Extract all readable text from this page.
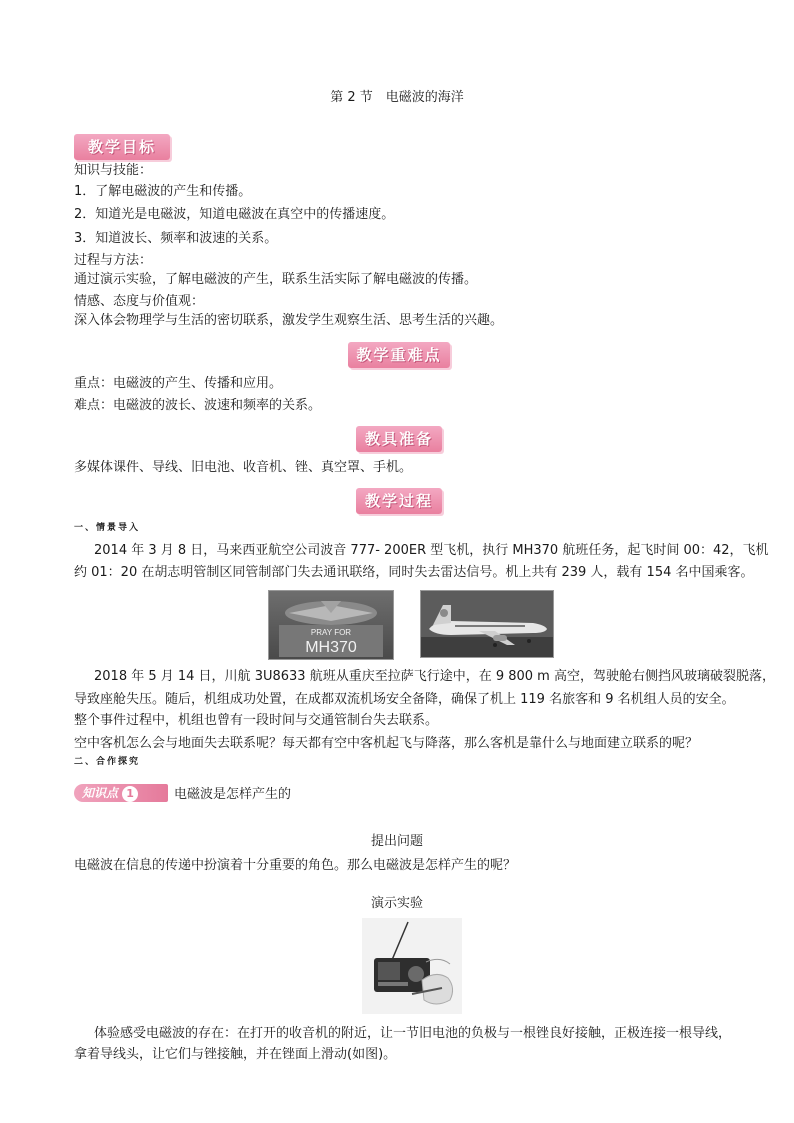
第 2 节　电磁波的海洋
教学目标
知识与技能：
1．了解电磁波的产生和传播。
2．知道光是电磁波，知道电磁波在真空中的传播速度。
3．知道波长、频率和波速的关系。
过程与方法：
通过演示实验，了解电磁波的产生，联系生活实际了解电磁波的传播。
情感、态度与价值观：
深入体会物理学与生活的密切联系，激发学生观察生活、思考生活的兴趣。
教学重难点
重点：电磁波的产生、传播和应用。
难点：电磁波的波长、波速和频率的关系。
教具准备
多媒体课件、导线、旧电池、收音机、锉、真空罩、手机。
教学过程
一、情景导入
2014 年 3 月 8 日，马来西亚航空公司波音 777- 200ER 型飞机，执行 MH370 航班任务，起飞时间 00：42，飞机
约 01：20 在胡志明管制区同管制部门失去通讯联络，同时失去雷达信号。机上共有 239 人，载有 154 名中国乘客。
PRAY FOR
MH370
2018 年 5 月 14 日，川航 3U8633 航班从重庆至拉萨飞行途中，在 9 800 m 高空，驾驶舱右侧挡风玻璃破裂脱落，
导致座舱失压。随后，机组成功处置，在成都双流机场安全备降，确保了机上 119 名旅客和 9 名机组人员的安全。
整个事件过程中，机组也曾有一段时间与交通管制台失去联系。
空中客机怎么会与地面失去联系呢？每天都有空中客机起飞与降落，那么客机是靠什么与地面建立联系的呢？
二、合作探究
知识点 1	电磁波是怎样产生的
提出问题
电磁波在信息的传递中扮演着十分重要的角色。那么电磁波是怎样产生的呢？
演示实验
体验感受电磁波的存在：在打开的收音机的附近，让一节旧电池的负极与一根锉良好接触，正极连接一根导线，
拿着导线头，让它们与锉接触，并在锉面上滑动(如图)。
